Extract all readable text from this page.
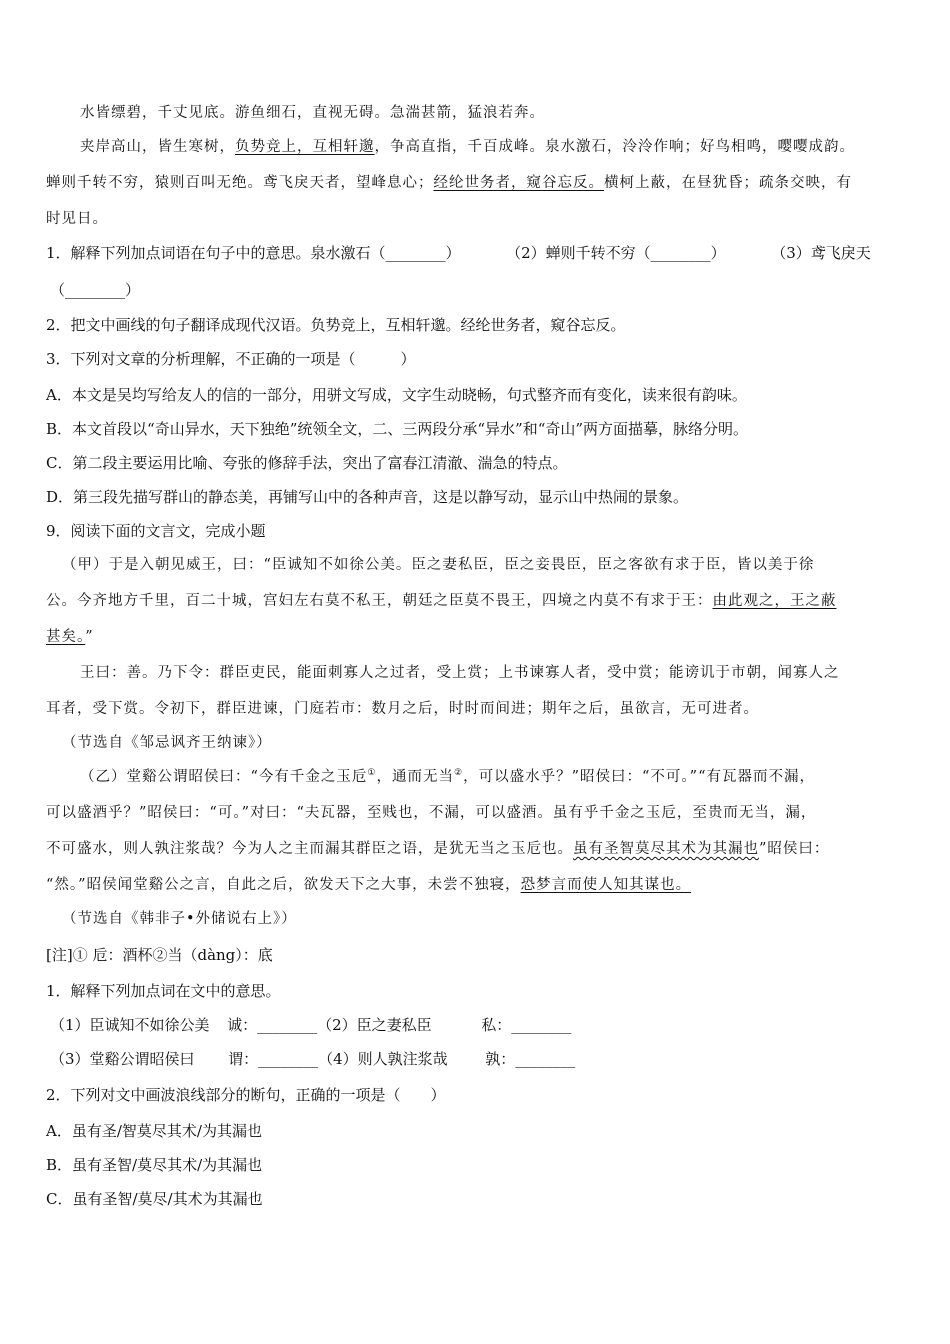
水皆缥碧，千丈见底。游鱼细石，直视无碍。急湍甚箭，猛浪若奔。
夹岸高山，皆生寒树，负势竞上，互相轩邈，争高直指，千百成峰。泉水激石，泠泠作响；好鸟相鸣，嘤嘤成韵。
蝉则千转不穷，猿则百叫无绝。鸢飞戾天者，望峰息心；经纶世务者，窥谷忘反。横柯上蔽，在昼犹昏；疏条交映，有
时见日。
1．解释下列加点词语在句子中的意思。泉水激石（________）	（2）蝉则千转不穷（________）	（3）鸢飞戾天
（________）
2．把文中画线的句子翻译成现代汉语。负势竞上，互相轩邈。经纶世务者，窥谷忘反。
3．下列对文章的分析理解，不正确的一项是（　　　）
A．本文是吴均写给友人的信的一部分，用骈文写成，文字生动晓畅，句式整齐而有变化，读来很有韵味。
B．本文首段以“奇山异水，天下独绝”统领全文，二、三两段分承“异水”和“奇山”两方面描摹，脉络分明。
C．第二段主要运用比喻、夸张的修辞手法，突出了富春江清澈、湍急的特点。
D．第三段先描写群山的静态美，再铺写山中的各种声音，这是以静写动，显示山中热闹的景象。
9．阅读下面的文言文，完成小题
（甲）于是入朝见威王，曰：“臣诚知不如徐公美。臣之妻私臣，臣之妾畏臣，臣之客欲有求于臣，皆以美于徐
公。今齐地方千里，百二十城，宫妇左右莫不私王，朝廷之臣莫不畏王，四境之内莫不有求于王：由此观之，王之蔽
甚矣。”
王曰：善。乃下令：群臣吏民，能面刺寡人之过者，受上赏；上书谏寡人者，受中赏；能谤讥于市朝，闻寡人之
耳者，受下赏。令初下，群臣进谏，门庭若市：数月之后，时时而间进；期年之后，虽欲言，无可进者。
（节选自《邹忌讽齐王纳谏》）
（乙）堂谿公谓昭侯曰：“今有千金之玉卮①，通而无当②，可以盛水乎？”昭侯曰：“不可。”“有瓦器而不漏，
可以盛酒乎？”昭侯曰：“可。”对曰：“夫瓦器，至贱也，不漏，可以盛酒。虽有乎千金之玉卮，至贵而无当，漏，
不可盛水，则人孰注浆哉？今为人之主而漏其群臣之语，是犹无当之玉卮也。虽有圣智莫尽其术为其漏也”昭侯曰：
“然。”昭侯闻堂谿公之言，自此之后，欲发天下之大事，未尝不独寝，恐梦言而使人知其谋也。
（节选自《韩非子•外储说右上》）
[注]① 卮：酒杯②当（dàng）：底
1．解释下列加点词在文中的意思。
（1）臣诚知不如徐公美 诚：________（2）臣之妻私臣	私：________
（3）堂谿公谓昭侯曰 谓：________（4）则人孰注浆哉	孰：________
2．下列对文中画波浪线部分的断句，正确的一项是（　　）
A．虽有圣/智莫尽其术/为其漏也
B．虽有圣智/莫尽其术/为其漏也
C．虽有圣智/莫尽/其术为其漏也
